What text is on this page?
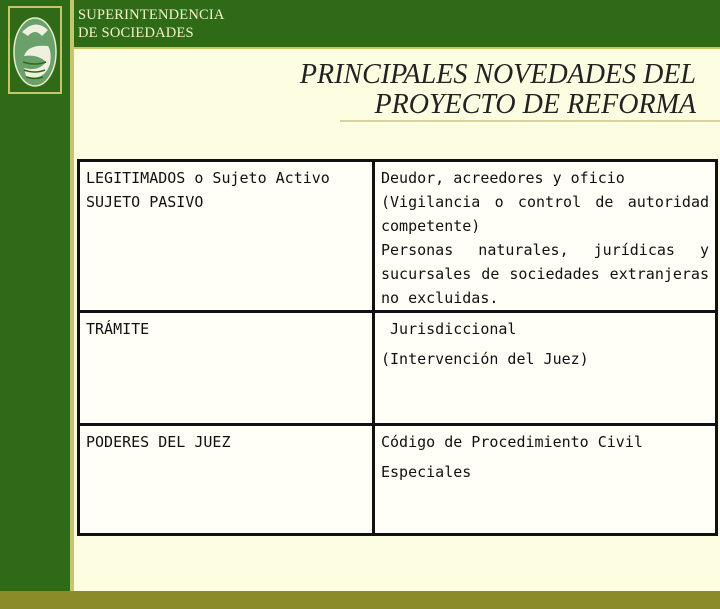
SUPERINTENDENCIA
DE SOCIEDADES

PRINCIPALES NOVEDADES DEL PROYECTO DE REFORMA

LEGITIMADOS o Sujeto Activo
SUJETO PASIVO	Deudor, acreedores y oficio
(Vigilancia o control de autoridad competente)
Personas naturales, jurídicas y sucursales de sociedades extranjeras no excluidas.

TRÁMITE	Jurisdiccional

(Intervención del Juez)

PODERES DEL JUEZ	Código de Procedimiento Civil

Especiales
